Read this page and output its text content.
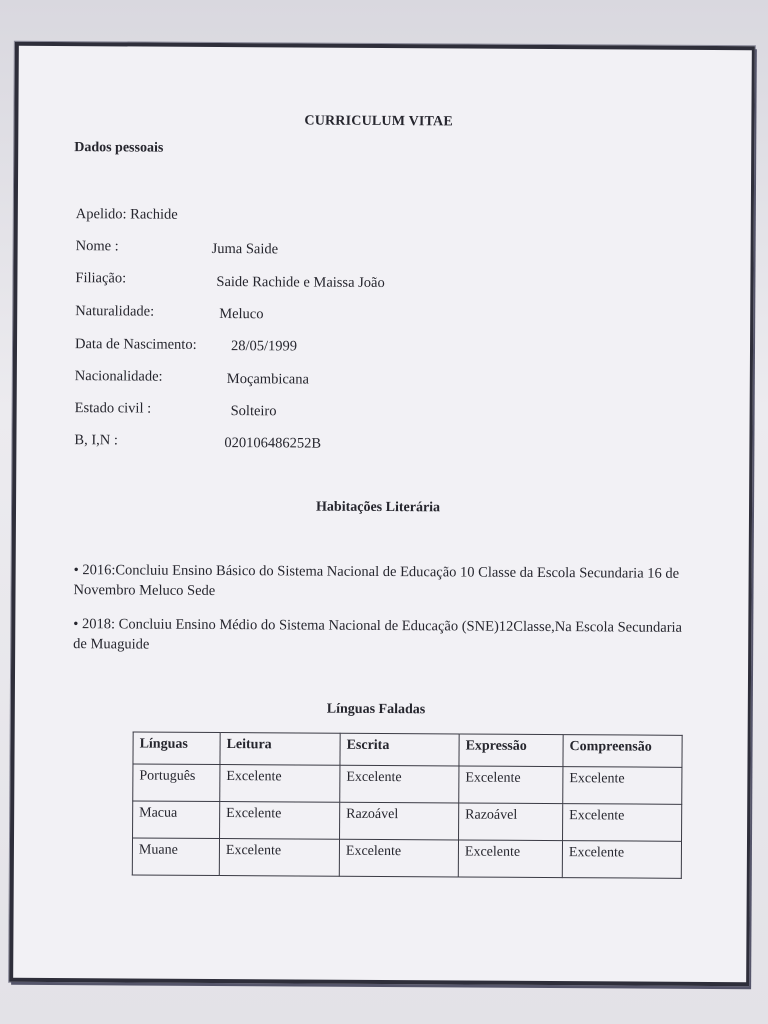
CURRICULUM VITAE
Dados pessoais
Apelido: Rachide
Nome :	Juma Saide
Filiação:	Saide Rachide e Maissa João
Naturalidade:	Meluco
Data de Nascimento: 28/05/1999
Nacionalidade:	Moçambicana
Estado civil :	Solteiro
B, I,N :	020106486252B
Habitações Literária
• 2016:Concluiu Ensino Básico do Sistema Nacional de Educação 10 Classe da Escola Secundaria 16 de Novembro Meluco Sede
• 2018: Concluiu Ensino Médio do Sistema Nacional de Educação (SNE)12Classe,Na Escola Secundaria de Muaguide
Línguas Faladas
Línguas	Leitura	Escrita	Expressão	Compreensão
Português	Excelente	Excelente	Excelente	Excelente
Macua	Excelente	Razoável	Razoável	Excelente
Muane	Excelente	Excelente	Excelente	Excelente
